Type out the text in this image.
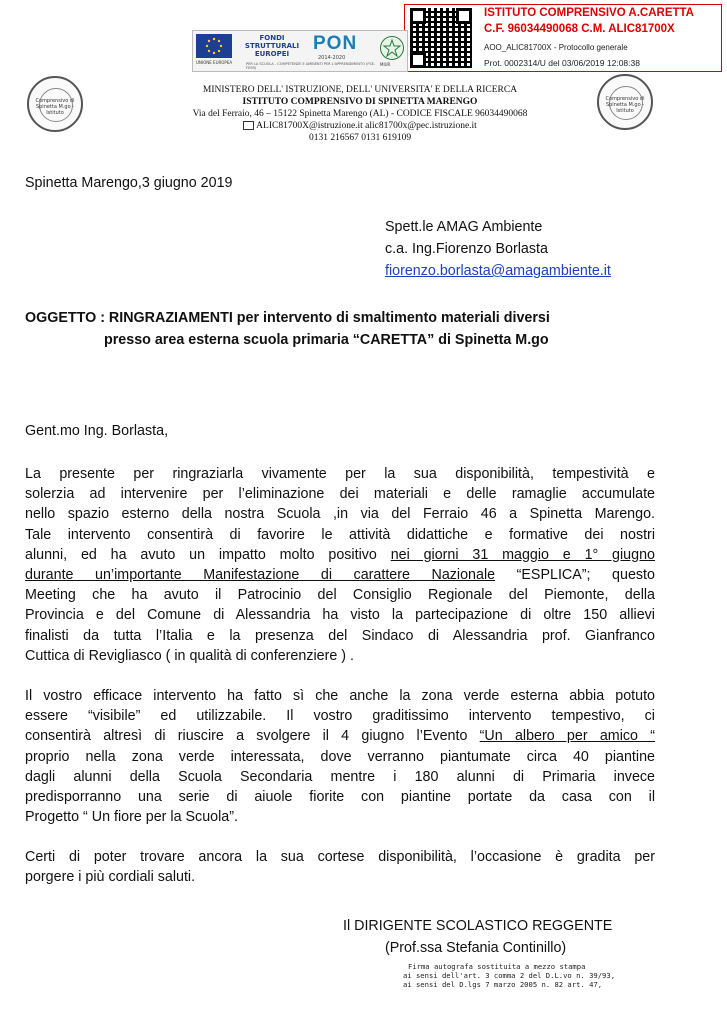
ISTITUTO COMPRENSIVO A.CARETTA
C.F. 96034490068 C.M. ALIC81700X
AOO_ALIC81700X - Protocollo generale
Prot. 0002314/U del 03/06/2019 12:08:38
UNIONE EUROPEA
FONDI
STRUTTURALI
EUROPEI	PON
2014-2020
PER LA SCUOLA - COMPETENZE E AMBIENTI PER L'APPRENDIMENTO (FSE-FESR)
MIUR
Comprensivo di Spinetta M.go - Istituto
Comprensivo di Spinetta M.go - Istituto
MINISTERO DELL' ISTRUZIONE, DELL' UNIVERSITA' E DELLA RICERCA
ISTITUTO COMPRENSIVO DI SPINETTA MARENGO
Via del Ferraio, 46 – 15122 Spinetta Marengo (AL) - CODICE FISCALE 96034490068
ALIC81700X@istruzione.it alic81700x@pec.istruzione.it
0131 216567 0131 619109
Spinetta Marengo,3 giugno 2019
Spett.le AMAG Ambiente
c.a. Ing.Fiorenzo Borlasta
fiorenzo.borlasta@amagambiente.it
OGGETTO : RINGRAZIAMENTI per intervento di smaltimento materiali diversi
presso area esterna scuola primaria “CARETTA” di Spinetta M.go
Gent.mo Ing. Borlasta,
La presente per ringraziarla vivamente per la sua disponibilità, tempestività e
solerzia ad intervenire per l’eliminazione dei materiali e delle ramaglie accumulate
nello spazio esterno della nostra Scuola ,in via del Ferraio 46 a Spinetta Marengo.
Tale intervento consentirà di favorire le attività didattiche e formative dei nostri
alunni, ed ha avuto un impatto molto positivo nei giorni 31 maggio e 1° giugno
durante un’importante Manifestazione di carattere Nazionale “ESPLICA”; questo
Meeting che ha avuto il Patrocinio del Consiglio Regionale del Piemonte, della
Provincia e del Comune di Alessandria ha visto la partecipazione di oltre 150 allievi
finalisti da tutta l’Italia e la presenza del Sindaco di Alessandria prof. Gianfranco
Cuttica di Revigliasco ( in qualità di conferenziere ) .
Il vostro efficace intervento ha fatto sì che anche la zona verde esterna abbia potuto
essere “visibile” ed utilizzabile. Il vostro graditissimo intervento tempestivo, ci
consentirà altresì di riuscire a svolgere il 4 giugno l’Evento “Un albero per amico “
proprio nella zona verde interessata, dove verranno piantumate circa 40 piantine
dagli alunni della Scuola Secondaria mentre i 180 alunni di Primaria invece
predisporranno una serie di aiuole fiorite con piantine portate da casa con il
Progetto “ Un fiore per la Scuola”.
Certi di poter trovare ancora la sua cortese disponibilità, l’occasione è gradita per
porgere i più cordiali saluti.
Il DIRIGENTE SCOLASTICO REGGENTE
(Prof.ssa Stefania Continillo)
Firma autografa sostituita a mezzo stampa
ai sensi dell'art. 3 comma 2 del D.L.vo n. 39/93,
ai sensi del D.lgs 7 marzo 2005 n. 82 art. 47,
